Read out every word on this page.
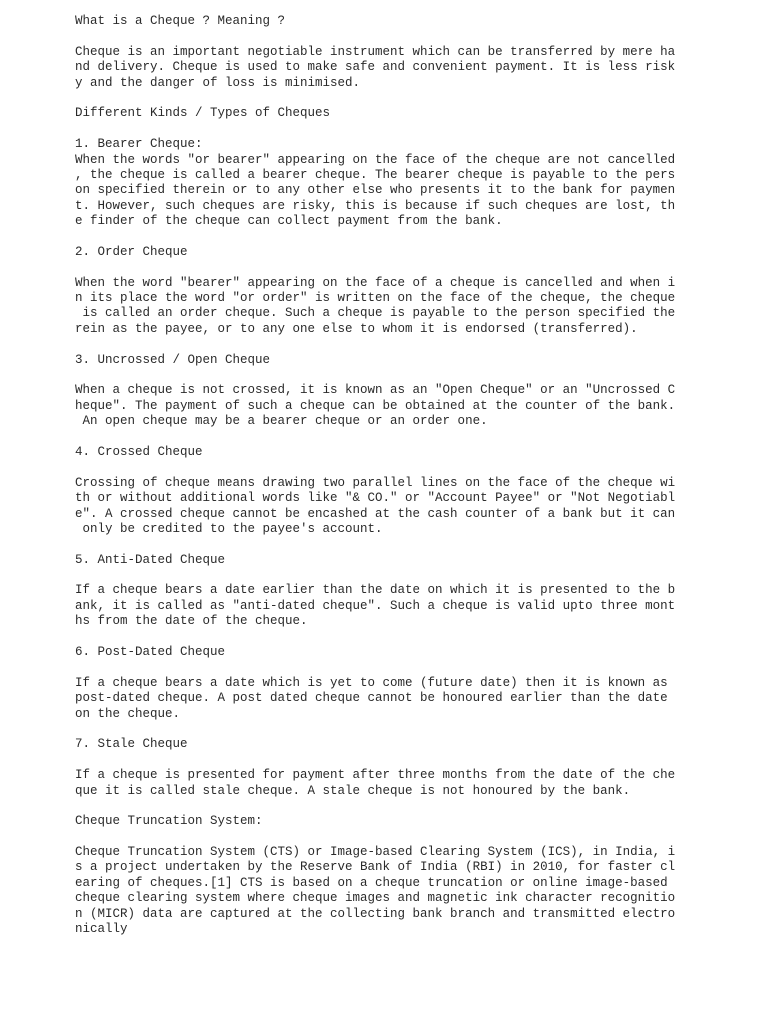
What is a Cheque ? Meaning ?
Cheque is an important negotiable instrument which can be transferred by mere ha
nd delivery. Cheque is used to make safe and convenient payment. It is less risk
y and the danger of loss is minimised.
Different Kinds / Types of Cheques
1. Bearer Cheque:
When the words "or bearer" appearing on the face of the cheque are not cancelled
, the cheque is called a bearer cheque. The bearer cheque is payable to the pers
on specified therein or to any other else who presents it to the bank for paymen
t. However, such cheques are risky, this is because if such cheques are lost, th
e finder of the cheque can collect payment from the bank.
2. Order Cheque
When the word "bearer" appearing on the face of a cheque is cancelled and when i
n its place the word "or order" is written on the face of the cheque, the cheque
is called an order cheque. Such a cheque is payable to the person specified the
rein as the payee, or to any one else to whom it is endorsed (transferred).
3. Uncrossed / Open Cheque
When a cheque is not crossed, it is known as an "Open Cheque" or an "Uncrossed C
heque". The payment of such a cheque can be obtained at the counter of the bank.
An open cheque may be a bearer cheque or an order one.
4. Crossed Cheque
Crossing of cheque means drawing two parallel lines on the face of the cheque wi
th or without additional words like "& CO." or "Account Payee" or "Not Negotiabl
e". A crossed cheque cannot be encashed at the cash counter of a bank but it can
only be credited to the payee's account.
5. Anti-Dated Cheque
If a cheque bears a date earlier than the date on which it is presented to the b
ank, it is called as "anti-dated cheque". Such a cheque is valid upto three mont
hs from the date of the cheque.
6. Post-Dated Cheque
If a cheque bears a date which is yet to come (future date) then it is known as
post-dated cheque. A post dated cheque cannot be honoured earlier than the date
on the cheque.
7. Stale Cheque
If a cheque is presented for payment after three months from the date of the che
que it is called stale cheque. A stale cheque is not honoured by the bank.
Cheque Truncation System:
Cheque Truncation System (CTS) or Image-based Clearing System (ICS), in India, i
s a project undertaken by the Reserve Bank of India (RBI) in 2010, for faster cl
earing of cheques.[1] CTS is based on a cheque truncation or online image-based
cheque clearing system where cheque images and magnetic ink character recognitio
n (MICR) data are captured at the collecting bank branch and transmitted electro
nically
